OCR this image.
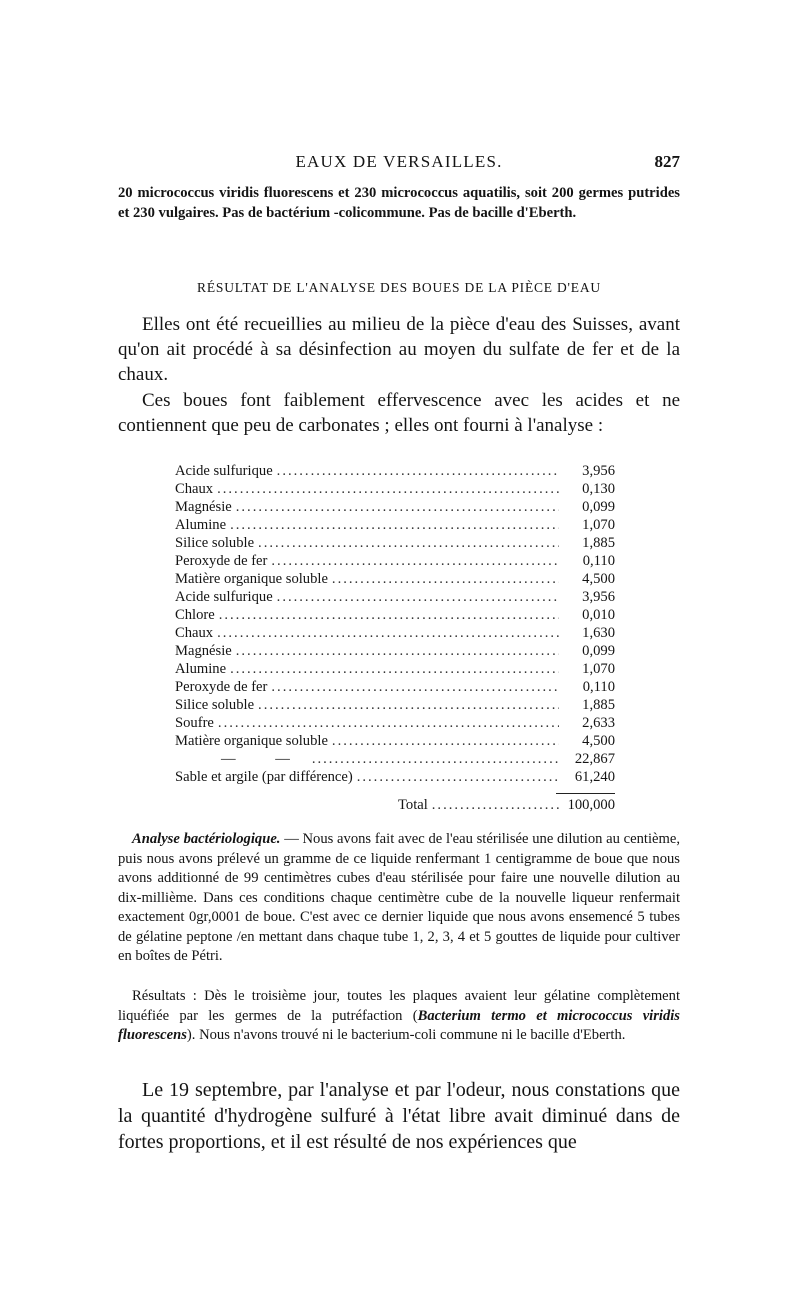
EAUX DE VERSAILLES.	827

20 micrococcus viridis fluorescens et 230 micrococcus aquatilis, soit 200 germes putrides et 230 vulgaires. Pas de bactérium -colicommune. Pas de bacille d'Eberth.

RÉSULTAT DE L'ANALYSE DES BOUES DE LA PIÈCE D'EAU

Elles ont été recueillies au milieu de la pièce d'eau des Suisses, avant qu'on ait procédé à sa désinfection au moyen du sulfate de fer et de la chaux.

Ces boues font faiblement effervescence avec les acides et ne contiennent que peu de carbonates ; elles ont fourni à l'analyse :

Acide sulfurique .....	3,956
Chaux .....	0,130
Magnésie .....	0,099
Alumine .....	1,070
Silice soluble .....	1,885
Peroxyde de fer .....	0,110
Matière organique soluble .....	4,500
Acide sulfurique .....	3,956
Chlore .....	0,010
Chaux .....	1,630
Magnésie .....	0,099
Alumine .....	1,070
Peroxyde de fer .....	0,110
Silice soluble .....	1,885
Soufre .....	2,633
Matière organique soluble .....	4,500
— — .....	22,867
Sable et argile (par différence) .....	61,240
Total .....	100,000

Analyse bactériologique. — Nous avons fait avec de l'eau stérilisée une dilution au centième, puis nous avons prélevé un gramme de ce liquide renfermant 1 centigramme de boue que nous avons additionné de 99 centimètres cubes d'eau stérilisée pour faire une nouvelle dilution au dix-millième. Dans ces conditions chaque centimètre cube de la nouvelle liqueur renfermait exactement 0gr,0001 de boue. C'est avec ce dernier liquide que nous avons ensemencé 5 tubes de gélatine peptone /en mettant dans chaque tube 1, 2, 3, 4 et 5 gouttes de liquide pour cultiver en boîtes de Pétri.

Résultats : Dès le troisième jour, toutes les plaques avaient leur gélatine complètement liquéfiée par les germes de la putréfaction (Bacterium termo et micrococcus viridis fluorescens). Nous n'avons trouvé ni le bacterium-coli commune ni le bacille d'Eberth.

Le 19 septembre, par l'analyse et par l'odeur, nous constations que la quantité d'hydrogène sulfuré à l'état libre avait diminué dans de fortes proportions, et il est résulté de nos expériences que
